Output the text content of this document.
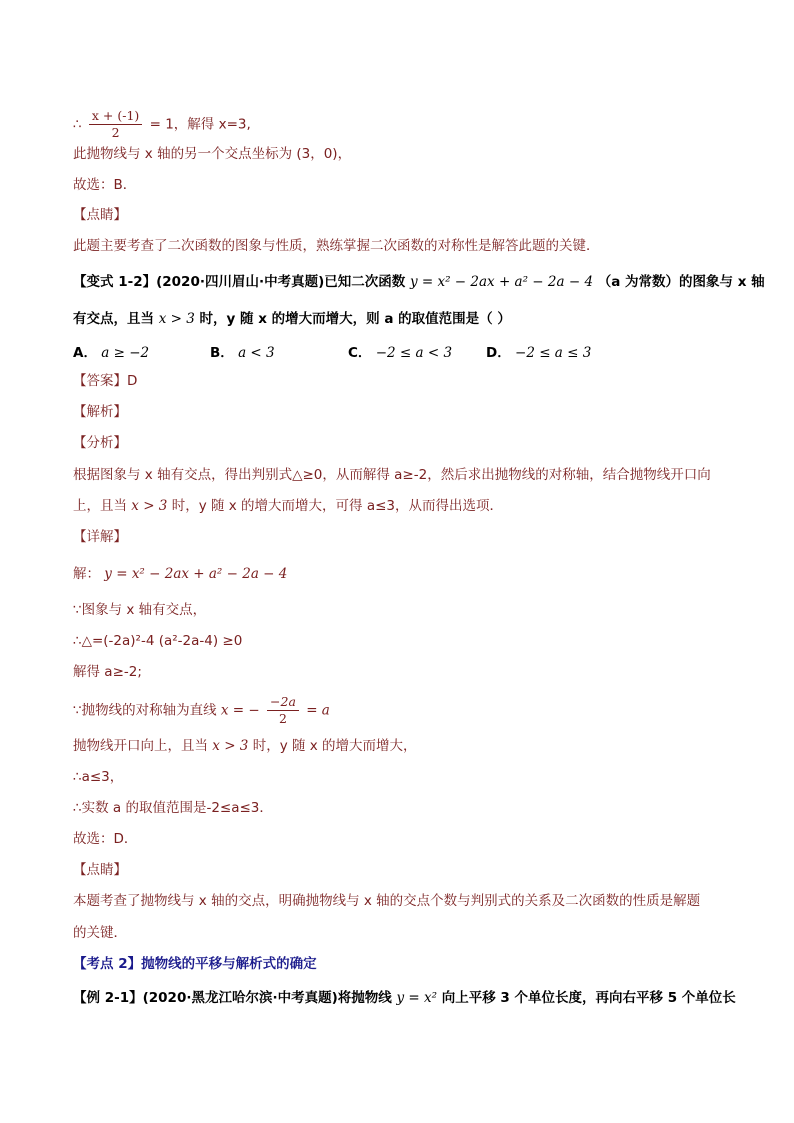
∴ $\frac{x + (-1)}{2} = 1$，解得 x=3,
此抛物线与 x 轴的另一个交点坐标为 (3，0)，
故选：B．
【点睛】
此题主要考查了二次函数的图象与性质，熟练掌握二次函数的对称性是解答此题的关键．
【变式 1-2】(2020·四川眉山·中考真题)已知二次函数 y = x² − 2ax + a² − 2a − 4 （a 为常数）的图象与 x 轴
有交点，且当 x > 3 时，y 随 x 的增大而增大，则 a 的取值范围是（ ）
A． a ≥ −2	B． a < 3	C． −2 ≤ a < 3	D． −2 ≤ a ≤ 3
【答案】D
【解析】
【分析】
根据图象与 x 轴有交点，得出判别式△≥0，从而解得 a≥-2，然后求出抛物线的对称轴，结合抛物线开口向
上，且当 x > 3 时，y 随 x 的增大而增大，可得 a≤3，从而得出选项．
【详解】
解： y = x² − 2ax + a² − 2a − 4
∵图象与 x 轴有交点，
∴△=(-2a)²-4 (a²-2a-4) ≥0
解得 a≥-2;
∵抛物线的对称轴为直线 x = − $\frac{-2a}{2} = a$
抛物线开口向上，且当 x > 3 时，y 随 x 的增大而增大，
∴a≤3，
∴实数 a 的取值范围是-2≤a≤3．
故选：D．
【点睛】
本题考查了抛物线与 x 轴的交点，明确抛物线与 x 轴的交点个数与判别式的关系及二次函数的性质是解题
的关键．
【考点 2】抛物线的平移与解析式的确定
【例 2-1】(2020·黑龙江哈尔滨·中考真题)将抛物线 y = x² 向上平移 3 个单位长度，再向右平移 5 个单位长
